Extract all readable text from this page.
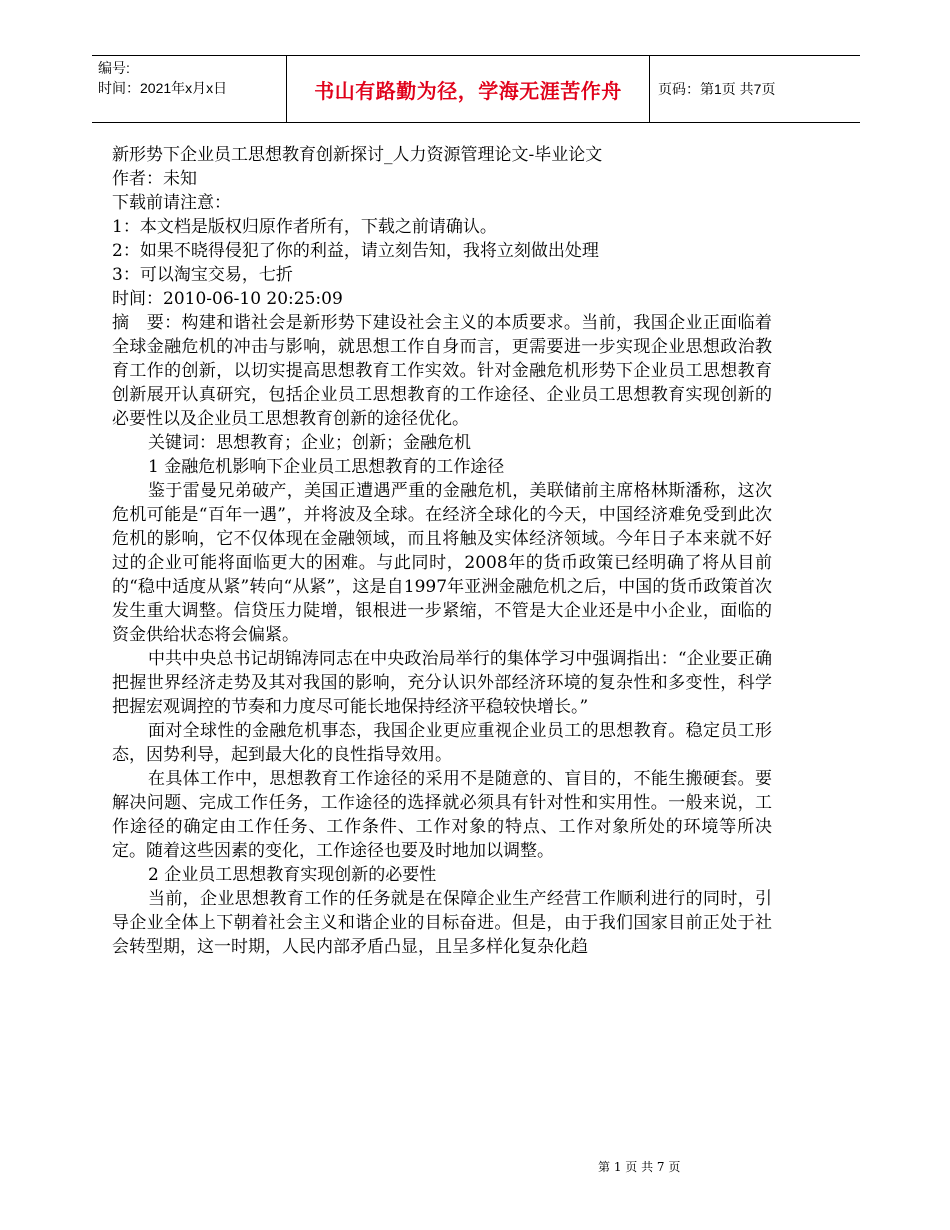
编号:
时间：2021年x月x日	书山有路勤为径，学海无涯苦作舟	页码：第1页 共7页

新形势下企业员工思想教育创新探讨_人力资源管理论文-毕业论文

作者：未知

下载前请注意：

1：本文档是版权归原作者所有，下载之前请确认。

2：如果不晓得侵犯了你的利益，请立刻告知，我将立刻做出处理

3：可以淘宝交易，七折

时间：2010-06-10 20:25:09

摘　要：构建和谐社会是新形势下建设社会主义的本质要求。当前，我国企业正面临着全球金融危机的冲击与影响，就思想工作自身而言，更需要进一步实现企业思想政治教育工作的创新，以切实提高思想教育工作实效。针对金融危机形势下企业员工思想教育创新展开认真研究，包括企业员工思想教育的工作途径、企业员工思想教育实现创新的必要性以及企业员工思想教育创新的途径优化。

关键词：思想教育；企业；创新；金融危机

1 金融危机影响下企业员工思想教育的工作途径

鉴于雷曼兄弟破产，美国正遭遇严重的金融危机，美联储前主席格林斯潘称，这次危机可能是“百年一遇”，并将波及全球。在经济全球化的今天，中国经济难免受到此次危机的影响，它不仅体现在金融领域，而且将触及实体经济领域。今年日子本来就不好过的企业可能将面临更大的困难。与此同时，2008年的货币政策已经明确了将从目前的“稳中适度从紧”转向“从紧”，这是自1997年亚洲金融危机之后，中国的货币政策首次发生重大调整。信贷压力陡增，银根进一步紧缩，不管是大企业还是中小企业，面临的资金供给状态将会偏紧。

中共中央总书记胡锦涛同志在中央政治局举行的集体学习中强调指出：“企业要正确把握世界经济走势及其对我国的影响，充分认识外部经济环境的复杂性和多变性，科学把握宏观调控的节奏和力度尽可能长地保持经济平稳较快增长。”

面对全球性的金融危机事态，我国企业更应重视企业员工的思想教育。稳定员工形态，因势利导，起到最大化的良性指导效用。

在具体工作中，思想教育工作途径的采用不是随意的、盲目的，不能生搬硬套。要解决问题、完成工作任务，工作途径的选择就必须具有针对性和实用性。一般来说，工作途径的确定由工作任务、工作条件、工作对象的特点、工作对象所处的环境等所决定。随着这些因素的变化，工作途径也要及时地加以调整。

2 企业员工思想教育实现创新的必要性

当前，企业思想教育工作的任务就是在保障企业生产经营工作顺利进行的同时，引导企业全体上下朝着社会主义和谐企业的目标奋进。但是，由于我们国家目前正处于社会转型期，这一时期，人民内部矛盾凸显，且呈多样化复杂化趋

第 1 页 共 7 页
